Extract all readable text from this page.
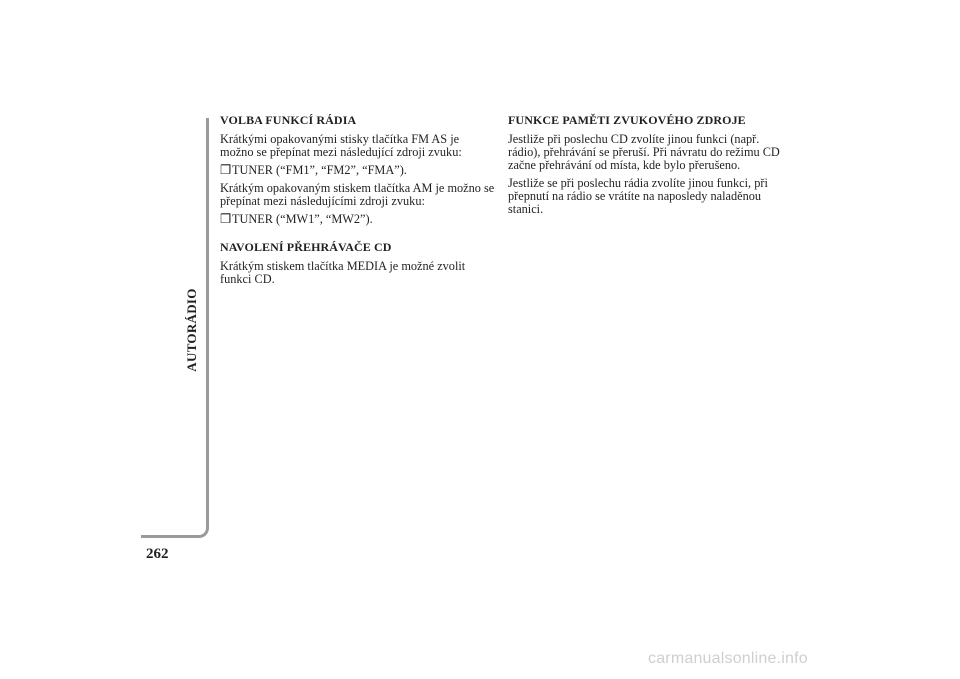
AUTORÁDIO
262
VOLBA FUNKCÍ RÁDIA

Krátkými opakovanými stisky tlačítka FM AS je možno se přepínat mezi následující zdroji zvuku:

❒TUNER (“FM1”, “FM2”, “FMA”).

Krátkým opakovaným stiskem tlačítka AM je možno se přepínat mezi následujícími zdroji zvuku:

❒TUNER (“MW1”, “MW2”).

NAVOLENÍ PŘEHRÁVAČE CD

Krátkým stiskem tlačítka MEDIA je možné zvolit funkci CD.

FUNKCE PAMĚTI ZVUKOVÉHO ZDROJE

Jestliže při poslechu CD zvolíte jinou funkci (např. rádio), přehrávání se přeruší. Při návratu do režimu CD začne přehrávání od místa, kde bylo přerušeno.

Jestliže se při poslechu rádia zvolíte jinou funkci, při přepnutí na rádio se vrátíte na naposledy naladěnou stanici.

carmanualsonline.info
